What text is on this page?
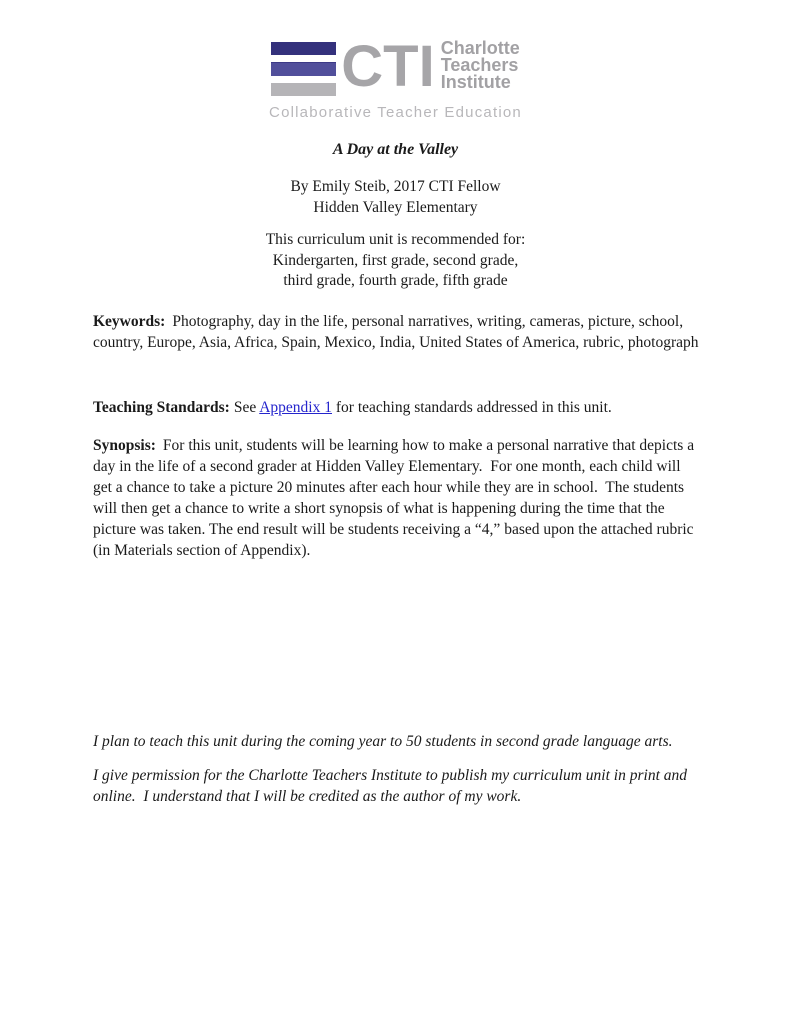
CTI Charlotte
Teachers
Institute
Collaborative Teacher Education
A Day at the Valley
By Emily Steib, 2017 CTI Fellow
Hidden Valley Elementary
This curriculum unit is recommended for:
Kindergarten, first grade, second grade,
third grade, fourth grade, fifth grade

Keywords: Photography, day in the life, personal narratives, writing, cameras, picture, school, country, Europe, Asia, Africa, Spain, Mexico, India, United States of America, rubric, photograph

Teaching Standards: See Appendix 1 for teaching standards addressed in this unit.

Synopsis: For this unit, students will be learning how to make a personal narrative that depicts a day in the life of a second grader at Hidden Valley Elementary.  For one month, each child will get a chance to take a picture 20 minutes after each hour while they are in school.  The students will then get a chance to write a short synopsis of what is happening during the time that the picture was taken. The end result will be students receiving a “4,” based upon the attached rubric (in Materials section of Appendix).

I plan to teach this unit during the coming year to 50 students in second grade language arts.

I give permission for the Charlotte Teachers Institute to publish my curriculum unit in print and online.  I understand that I will be credited as the author of my work.
